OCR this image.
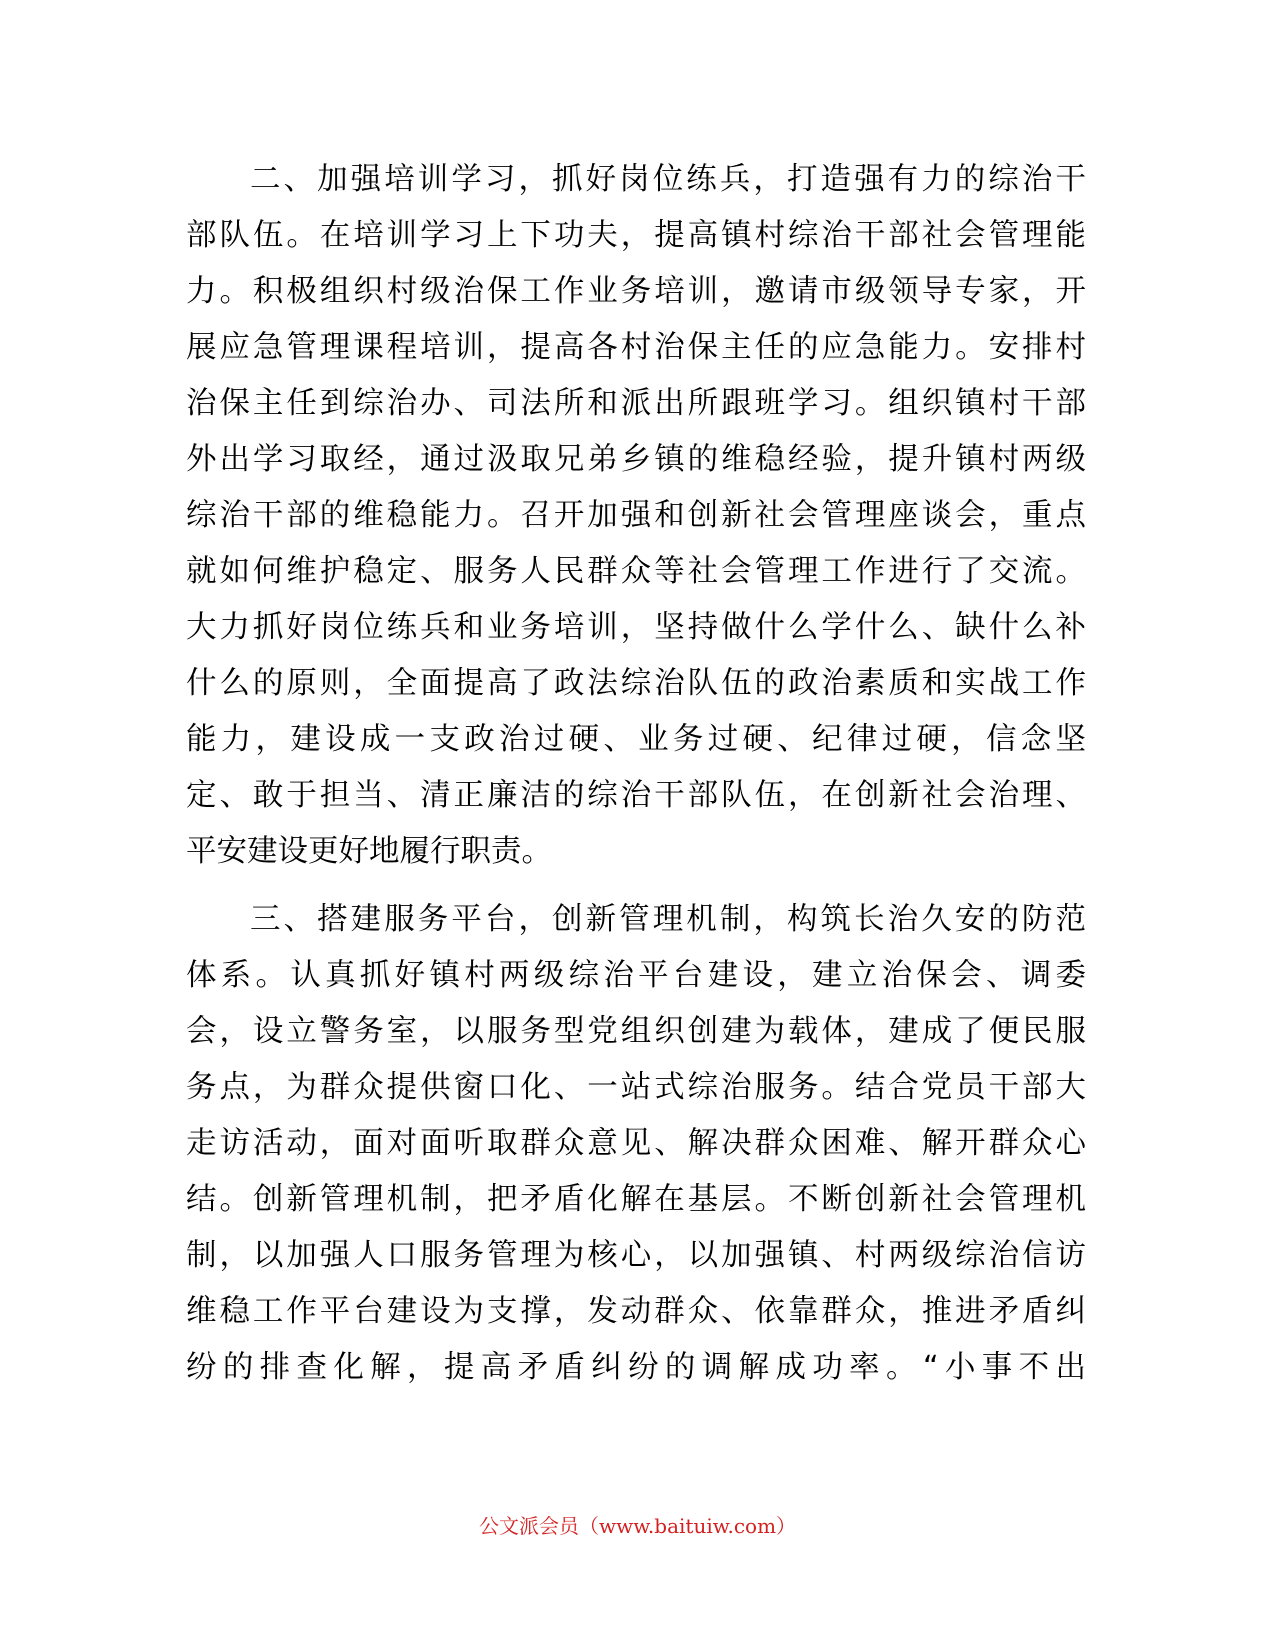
二、加强培训学习，抓好岗位练兵，打造强有力的综治干
部队伍。在培训学习上下功夫，提高镇村综治干部社会管理能
力。积极组织村级治保工作业务培训，邀请市级领导专家，开
展应急管理课程培训，提高各村治保主任的应急能力。安排村
治保主任到综治办、司法所和派出所跟班学习。组织镇村干部
外出学习取经，通过汲取兄弟乡镇的维稳经验，提升镇村两级
综治干部的维稳能力。召开加强和创新社会管理座谈会，重点
就如何维护稳定、服务人民群众等社会管理工作进行了交流。
大力抓好岗位练兵和业务培训，坚持做什么学什么、缺什么补
什么的原则，全面提高了政法综治队伍的政治素质和实战工作
能力，建设成一支政治过硬、业务过硬、纪律过硬，信念坚
定、敢于担当、清正廉洁的综治干部队伍，在创新社会治理、
平安建设更好地履行职责。
三、搭建服务平台，创新管理机制，构筑长治久安的防范
体系。认真抓好镇村两级综治平台建设，建立治保会、调委
会，设立警务室，以服务型党组织创建为载体，建成了便民服
务点，为群众提供窗口化、一站式综治服务。结合党员干部大
走访活动，面对面听取群众意见、解决群众困难、解开群众心
结。创新管理机制，把矛盾化解在基层。不断创新社会管理机
制，以加强人口服务管理为核心，以加强镇、村两级综治信访
维稳工作平台建设为支撑，发动群众、依靠群众，推进矛盾纠
纷的排查化解，提高矛盾纠纷的调解成功率。“小事不出
公文派会员（www.baituiw.com）
